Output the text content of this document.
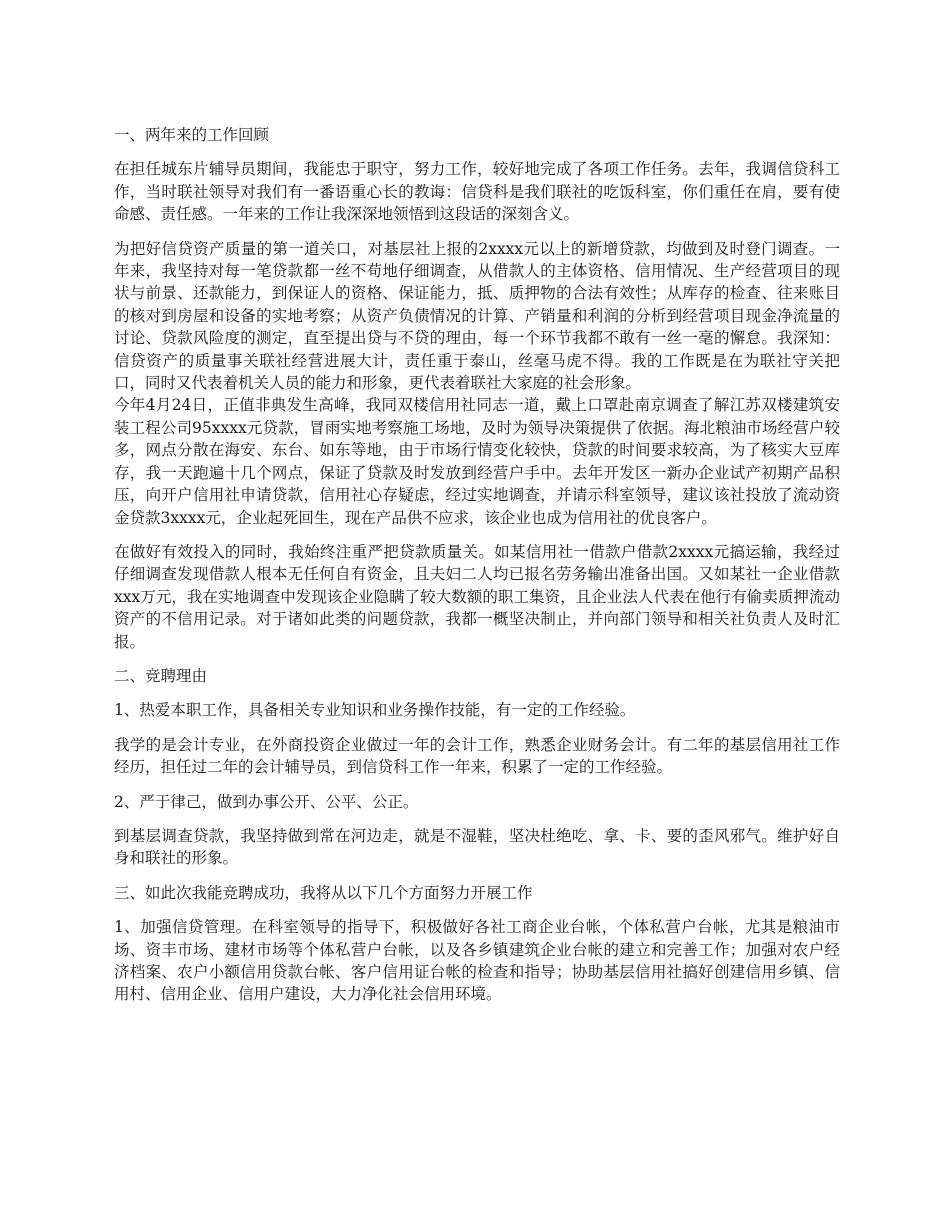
一、两年来的工作回顾
在担任城东片辅导员期间，我能忠于职守，努力工作，较好地完成了各项工作任务。去年，我调信贷科工作，当时联社领导对我们有一番语重心长的教诲：信贷科是我们联社的吃饭科室，你们重任在肩，要有使命感、责任感。一年来的工作让我深深地领悟到这段话的深刻含义。
为把好信贷资产质量的第一道关口，对基层社上报的2xxxx元以上的新增贷款，均做到及时登门调查。一年来，我坚持对每一笔贷款都一丝不苟地仔细调查，从借款人的主体资格、信用情况、生产经营项目的现状与前景、还款能力，到保证人的资格、保证能力，抵、质押物的合法有效性；从库存的检查、往来账目的核对到房屋和设备的实地考察；从资产负债情况的计算、产销量和利润的分析到经营项目现金净流量的讨论、贷款风险度的测定，直至提出贷与不贷的理由，每一个环节我都不敢有一丝一毫的懈怠。我深知：信贷资产的质量事关联社经营进展大计，责任重于泰山，丝毫马虎不得。我的工作既是在为联社守关把口，同时又代表着机关人员的能力和形象，更代表着联社大家庭的社会形象。
今年4月24日，正值非典发生高峰，我同双楼信用社同志一道，戴上口罩赴南京调查了解江苏双楼建筑安装工程公司95xxxx元贷款，冒雨实地考察施工场地，及时为领导决策提供了依据。海北粮油市场经营户较多，网点分散在海安、东台、如东等地，由于市场行情变化较快，贷款的时间要求较高，为了核实大豆库存，我一天跑遍十几个网点，保证了贷款及时发放到经营户手中。去年开发区一新办企业试产初期产品积压，向开户信用社申请贷款，信用社心存疑虑，经过实地调查，并请示科室领导，建议该社投放了流动资金贷款3xxxx元，企业起死回生，现在产品供不应求，该企业也成为信用社的优良客户。
在做好有效投入的同时，我始终注重严把贷款质量关。如某信用社一借款户借款2xxxx元搞运输，我经过仔细调查发现借款人根本无任何自有资金，且夫妇二人均已报名劳务输出准备出国。又如某社一企业借款xxx万元，我在实地调查中发现该企业隐瞒了较大数额的职工集资，且企业法人代表在他行有偷卖质押流动资产的不信用记录。对于诸如此类的问题贷款，我都一概坚决制止，并向部门领导和相关社负责人及时汇报。
二、竞聘理由
1、热爱本职工作，具备相关专业知识和业务操作技能，有一定的工作经验。
我学的是会计专业，在外商投资企业做过一年的会计工作，熟悉企业财务会计。有二年的基层信用社工作经历，担任过二年的会计辅导员，到信贷科工作一年来，积累了一定的工作经验。
2、严于律己，做到办事公开、公平、公正。
到基层调查贷款，我坚持做到常在河边走，就是不湿鞋，坚决杜绝吃、拿、卡、要的歪风邪气。维护好自身和联社的形象。
三、如此次我能竞聘成功，我将从以下几个方面努力开展工作
1、加强信贷管理。在科室领导的指导下，积极做好各社工商企业台帐，个体私营户台帐，尤其是粮油市场、资丰市场、建材市场等个体私营户台帐，以及各乡镇建筑企业台帐的建立和完善工作；加强对农户经济档案、农户小额信用贷款台帐、客户信用证台帐的检查和指导；协助基层信用社搞好创建信用乡镇、信用村、信用企业、信用户建设，大力净化社会信用环境。
